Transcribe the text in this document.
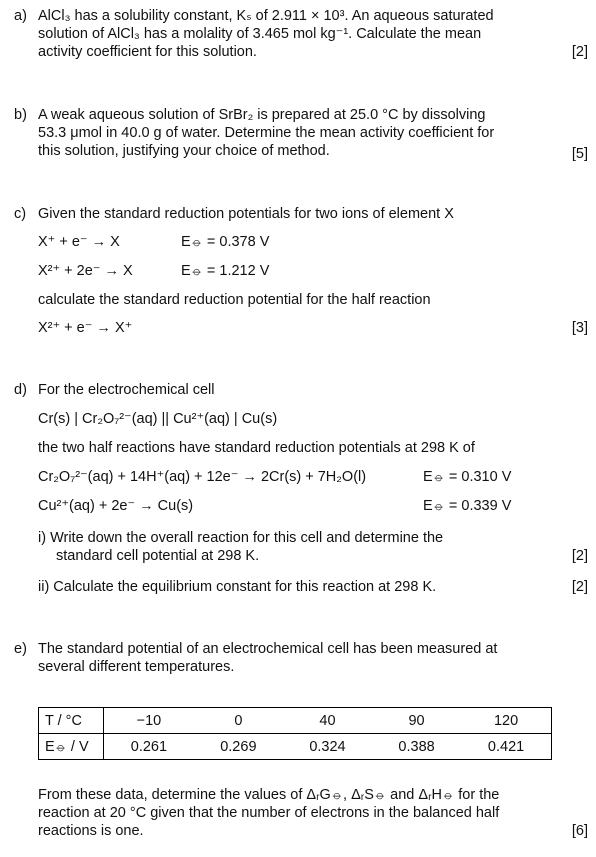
a) AlCl₃ has a solubility constant, Kₛ of 2.911 × 10³. An aqueous saturated
solution of AlCl₃ has a molality of 3.465 mol kg⁻¹. Calculate the mean
activity coefficient for this solution.	[2]
b) A weak aqueous solution of SrBr₂ is prepared at 25.0 °C by dissolving
53.3 μmol in 40.0 g of water. Determine the mean activity coefficient for
this solution, justifying your choice of method.	[5]
c) Given the standard reduction potentials for two ions of element X
X⁺ + e⁻ → X	E⦵ = 0.378 V
X²⁺ + 2e⁻ → X	E⦵ = 1.212 V
calculate the standard reduction potential for the half reaction
X²⁺ + e⁻ → X⁺	[3]
d) For the electrochemical cell
Cr(s) | Cr₂O₇²⁻(aq) || Cu²⁺(aq) | Cu(s)
the two half reactions have standard reduction potentials at 298 K of
Cr₂O₇²⁻(aq) + 14H⁺(aq) + 12e⁻ → 2Cr(s) + 7H₂O(l)	E⦵ = 0.310 V
Cu²⁺(aq) + 2e⁻ → Cu(s)	E⦵ = 0.339 V
i) Write down the overall reaction for this cell and determine the
standard cell potential at 298 K.	[2]
ii) Calculate the equilibrium constant for this reaction at 298 K.	[2]
e) The standard potential of an electrochemical cell has been measured at
several different temperatures.
T / °C	−10	0	40	90	120
E⦵ / V	0.261	0.269	0.324	0.388	0.421
From these data, determine the values of ΔᵣG⦵, ΔᵣS⦵ and ΔᵣH⦵ for the
reaction at 20 °C given that the number of electrons in the balanced half
reactions is one.	[6]
